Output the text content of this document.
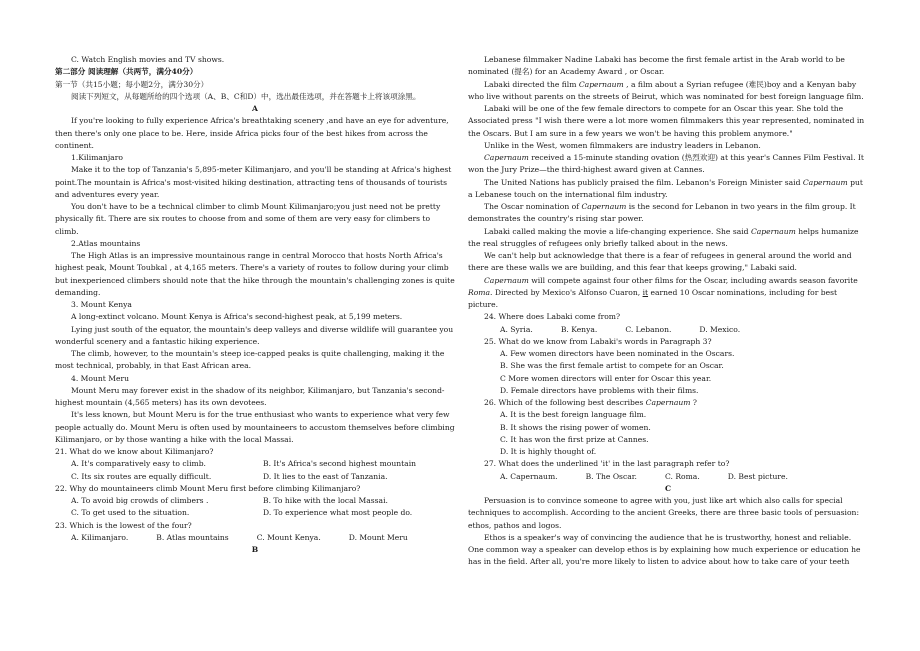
C. Watch English movies and TV shows.

第二部分 阅读理解（共两节，满分40分）

第一节（共15小题；每小题2分，满分30分）

阅读下列短文，从每题所给的四个选项（A、B、C和D）中，选出最佳选项，并在答题卡上将该项涂黑。

A

If you're looking to fully experience Africa's breathtaking scenery ,and have an eye for adventure, then there's only one place to be. Here, inside Africa picks four of the best hikes from across the continent.

1.Kilimanjaro

Make it to the top of Tanzania's 5,895-meter Kilimanjaro, and you'll be standing at Africa's highest point.The mountain is Africa's most-visited hiking destination, attracting tens of thousands of tourists and adventures every year.

You don't have to be a technical climber to climb Mount Kilimanjaro;you just need not be pretty physically fit. There are six routes to choose from and some of them are very easy for climbers to climb.

2.Atlas mountains

The High Atlas is an impressive mountainous range in central Morocco that hosts North Africa's highest peak, Mount Toubkal , at 4,165 meters. There's a variety of routes to follow during your climb but inexperienced climbers should note that the hike through the mountain's challenging zones is quite demanding.

3. Mount Kenya

A long-extinct volcano. Mount Kenya is Africa's second-highest peak, at 5,199 meters.

Lying just south of the equator, the mountain's deep valleys and diverse wildlife will guarantee you wonderful scenery and a fantastic hiking experience.

The climb, however, to the mountain's steep ice-capped peaks is quite challenging, making it the most technical, probably, in that East African area.

4. Mount Meru

Mount Meru may forever exist in the shadow of its neighbor, Kilimanjaro, but Tanzania's second-highest mountain (4,565 meters) has its own devotees.

It's less known, but Mount Meru is for the true enthusiast who wants to experience what very few people actually do. Mount Meru is often used by mountaineers to accustom themselves before climbing Kilimanjaro, or by those wanting a hike with the local Massai.

21. What do we know about Kilimanjaro?

A. It's comparatively easy to climb.	B. It's Africa's second highest mountain
C. Its six routes are equally difficult.	D. It lies to the east of Tanzania.

22. Why do mountaineers climb Mount Meru first before climbing Kilimanjaro?

A. To avoid big crowds of climbers .	B. To hike with the local Massai.
C. To get used to the situation.	D. To experience what most people do.

23. Which is the lowest of the four?

A. Kilimanjaro.	B. Atlas mountains	C. Mount Kenya.	D. Mount Meru

B

Lebanese filmmaker Nadine Labaki has become the first female artist in the Arab world to be nominated (提名) for an Academy Award , or Oscar.

Labaki directed the film Capernaum , a film about a Syrian refugee (难民)boy and a Kenyan baby who live without parents on the streets of Beirut, which was nominated for best foreign language film.

Labaki will be one of the few female directors to compete for an Oscar this year. She told the Associated press "I wish there were a lot more women filmmakers this year represented, nominated in the Oscars. But I am sure in a few years we won't be having this problem anymore."

Unlike in the West, women filmmakers are industry leaders in Lebanon.

Capernaum received a 15-minute standing ovation (热烈欢迎) at this year's Cannes Film Festival. It won the Jury Prize—the third-highest award given at Cannes.

The United Nations has publicly praised the film. Lebanon's Foreign Minister said Capernaum put a Lebanese touch on the international film industry.

The Oscar nomination of Capernaum is the second for Lebanon in two years in the film group. It demonstrates the country's rising star power.

Labaki called making the movie a life-changing experience. She said Capernaum helps humanize the real struggles of refugees only briefly talked about in the news.

We can't help but acknowledge that there is a fear of refugees in general around the world and there are these walls we are building, and this fear that keeps growing," Labaki said.

Capernaum will compete against four other films for the Oscar, including awards season favorite Roma. Directed by Mexico's Alfonso Cuaron, it earned 10 Oscar nominations, including for best picture.

24. Where does Labaki come from?

A. Syria.	B. Kenya.	C. Lebanon.	D. Mexico.

25. What do we know from Labaki's words in Paragraph 3?

A. Few women directors have been nominated in the Oscars.

B. She was the first female artist to compete for an Oscar.

C More women directors will enter for Oscar this year.

D. Female directors have problems with their films.

26. Which of the following best describes Capernaum ?

A. It is the best foreign language film.

B. It shows the rising power of women.

C. It has won the first prize at Cannes.

D. It is highly thought of.

27. What does the underlined 'it' in the last paragraph refer to?

A. Capernaum.	B. The Oscar.	C. Roma.	D. Best picture.

C

Persuasion is to convince someone to agree with you, just like art which also calls for special techniques to accomplish. According to the ancient Greeks, there are three basic tools of persuasion: ethos, pathos and logos.

Ethos is a speaker's way of convincing the audience that he is trustworthy, honest and reliable. One common way a speaker can develop ethos is by explaining how much experience or education he has in the field. After all, you're more likely to listen to advice about how to take care of your teeth
